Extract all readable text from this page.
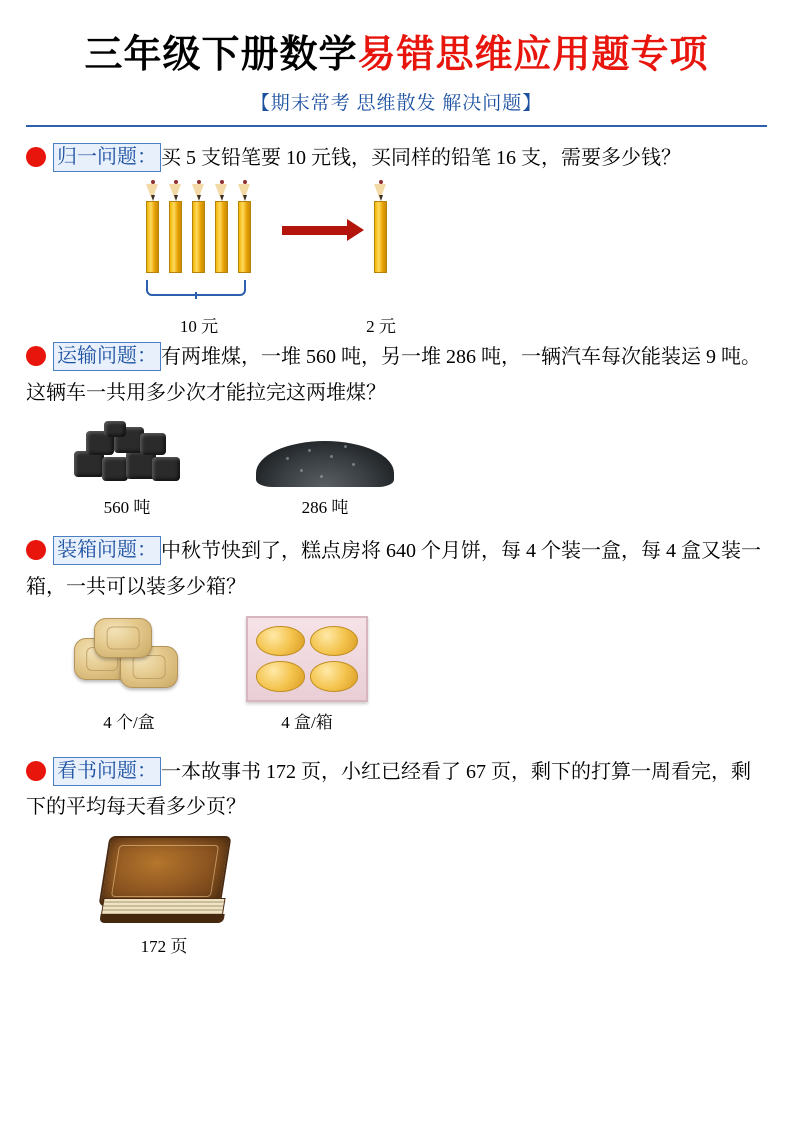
三年级下册数学易错思维应用题专项
【期末常考 思维散发 解决问题】
归一问题： 买 5 支铅笔要 10 元钱，买同样的铅笔 16 支，需要多少钱？
10 元	2 元
运输问题： 有两堆煤，一堆 560 吨，另一堆 286 吨，一辆汽车每次能装运 9 吨。这辆车一共用多少次才能拉完这两堆煤？
560 吨	286 吨
装箱问题： 中秋节快到了，糕点房将 640 个月饼，每 4 个装一盒，每 4 盒又装一箱，一共可以装多少箱？
4 个/盒	4 盒/箱
看书问题： 一本故事书 172 页，小红已经看了 67 页，剩下的打算一周看完，剩下的平均每天看多少页？
172 页
